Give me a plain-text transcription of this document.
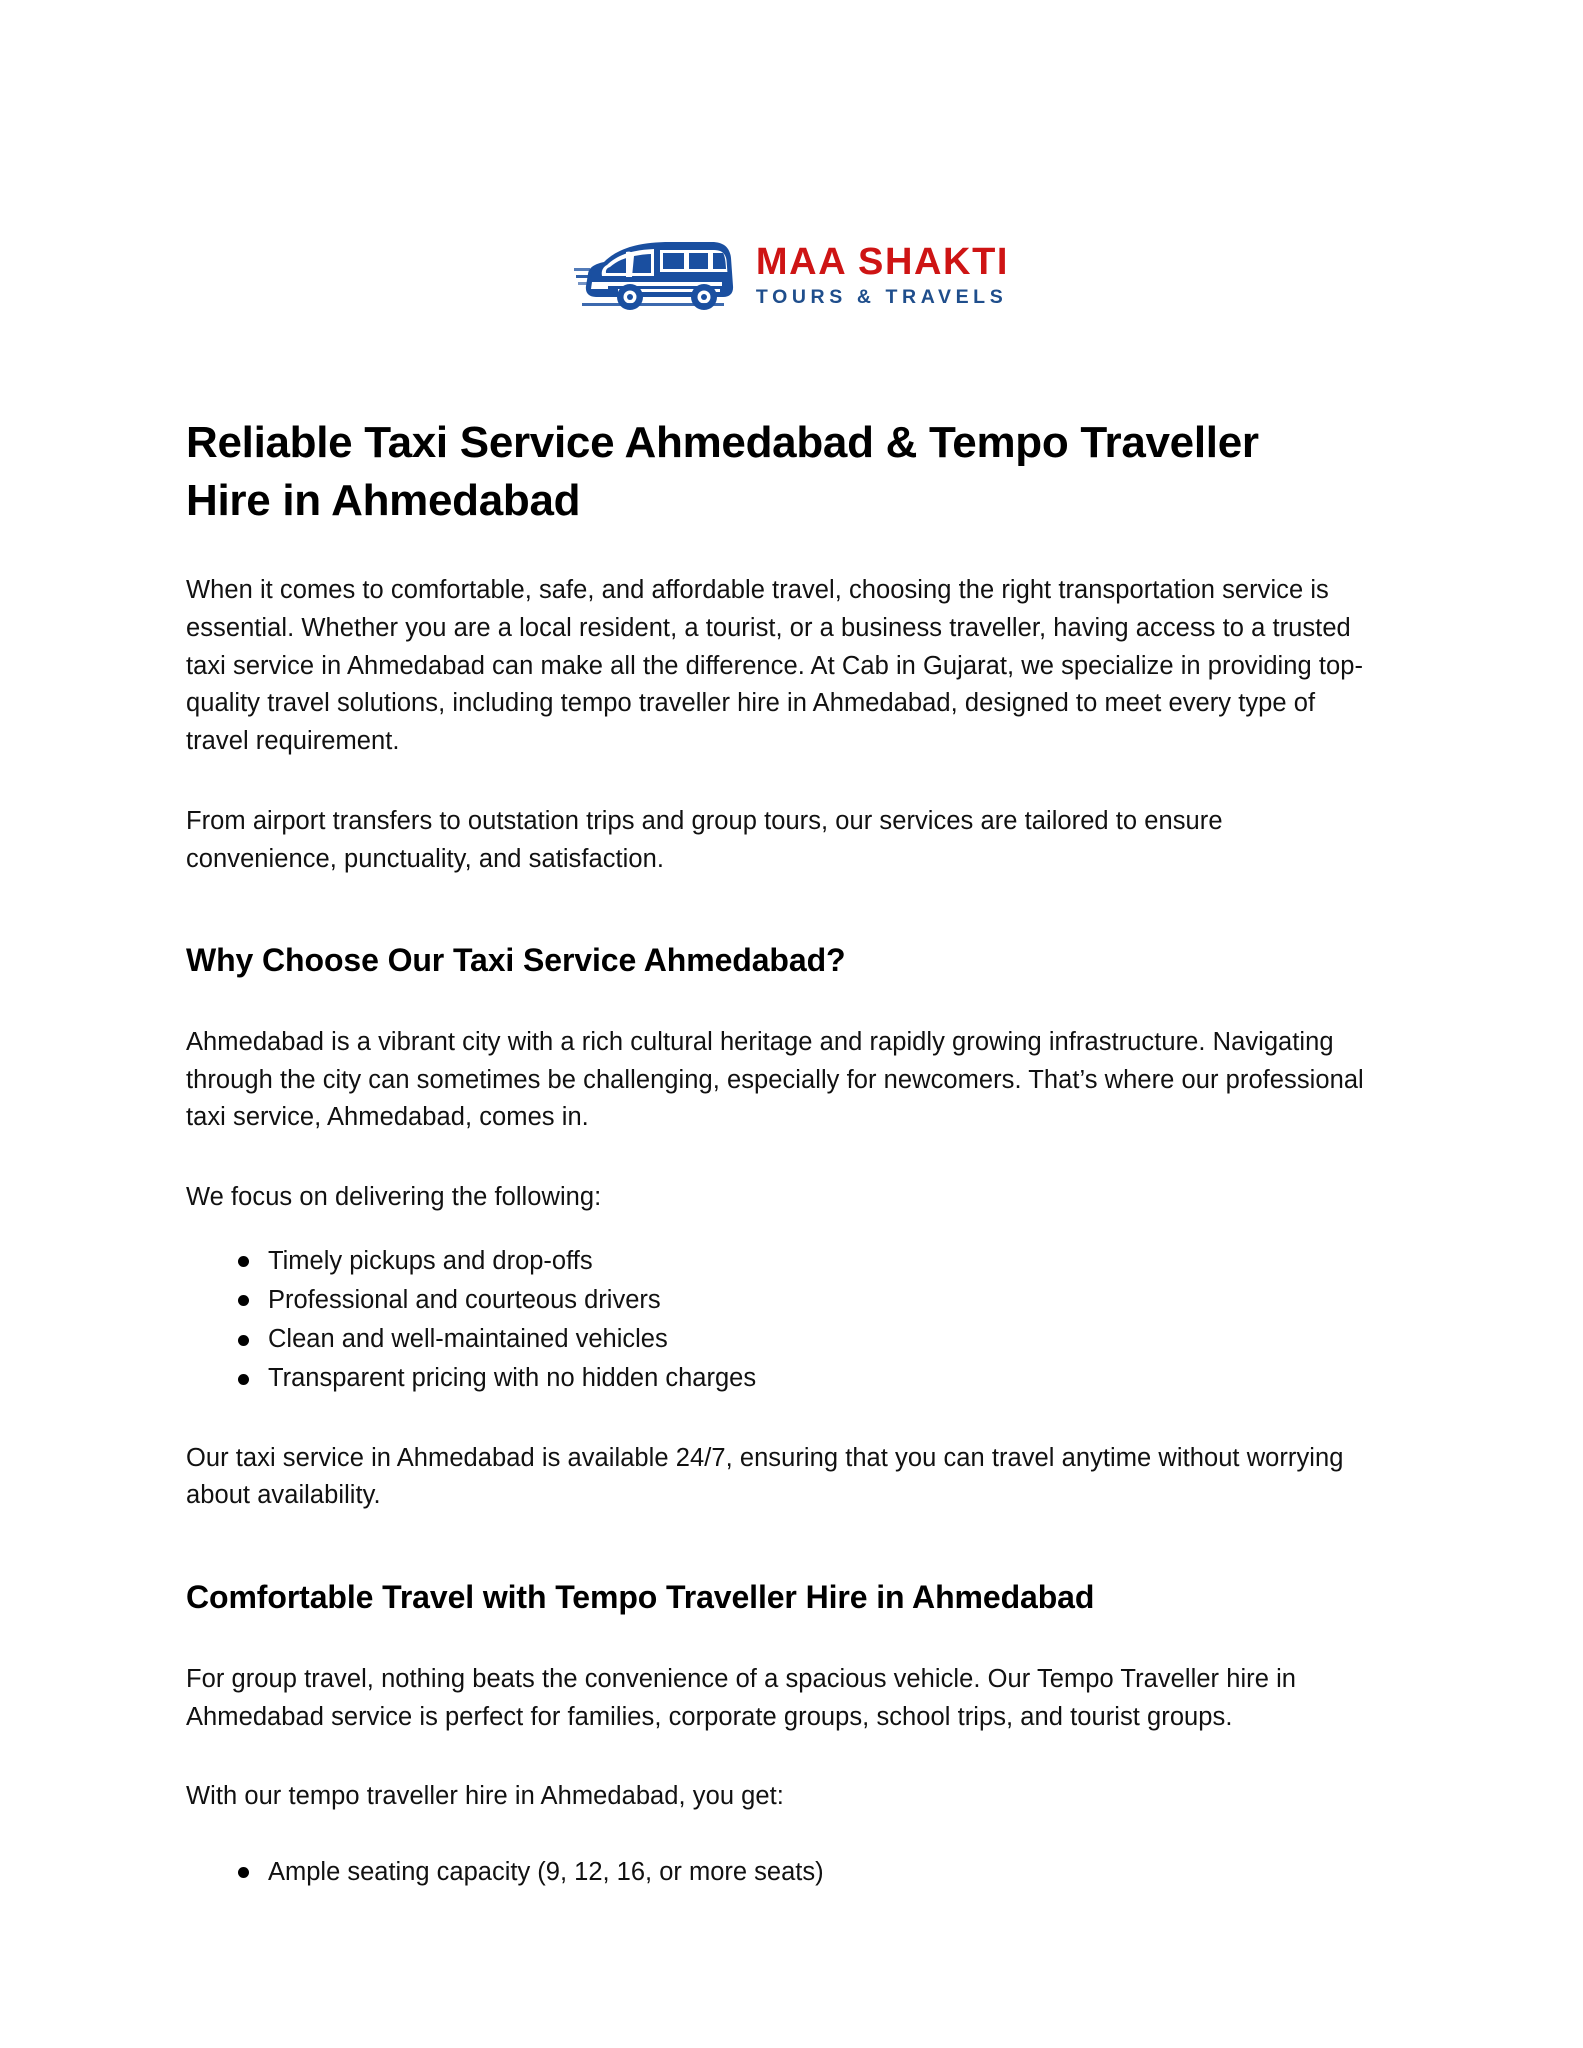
MAA SHAKTI
TOURS & TRAVELS
Reliable Taxi Service Ahmedabad & Tempo Traveller Hire in Ahmedabad

When it comes to comfortable, safe, and affordable travel, choosing the right transportation service is essential. Whether you are a local resident, a tourist, or a business traveller, having access to a trusted taxi service in Ahmedabad can make all the difference. At Cab in Gujarat, we specialize in providing top-quality travel solutions, including tempo traveller hire in Ahmedabad, designed to meet every type of travel requirement.

From airport transfers to outstation trips and group tours, our services are tailored to ensure convenience, punctuality, and satisfaction.

Why Choose Our Taxi Service Ahmedabad?

Ahmedabad is a vibrant city with a rich cultural heritage and rapidly growing infrastructure. Navigating through the city can sometimes be challenging, especially for newcomers. That’s where our professional taxi service, Ahmedabad, comes in.

We focus on delivering the following:

Timely pickups and drop-offs
Professional and courteous drivers
Clean and well-maintained vehicles
Transparent pricing with no hidden charges

Our taxi service in Ahmedabad is available 24/7, ensuring that you can travel anytime without worrying about availability.

Comfortable Travel with Tempo Traveller Hire in Ahmedabad

For group travel, nothing beats the convenience of a spacious vehicle. Our Tempo Traveller hire in Ahmedabad service is perfect for families, corporate groups, school trips, and tourist groups.

With our tempo traveller hire in Ahmedabad, you get:

Ample seating capacity (9, 12, 16, or more seats)
